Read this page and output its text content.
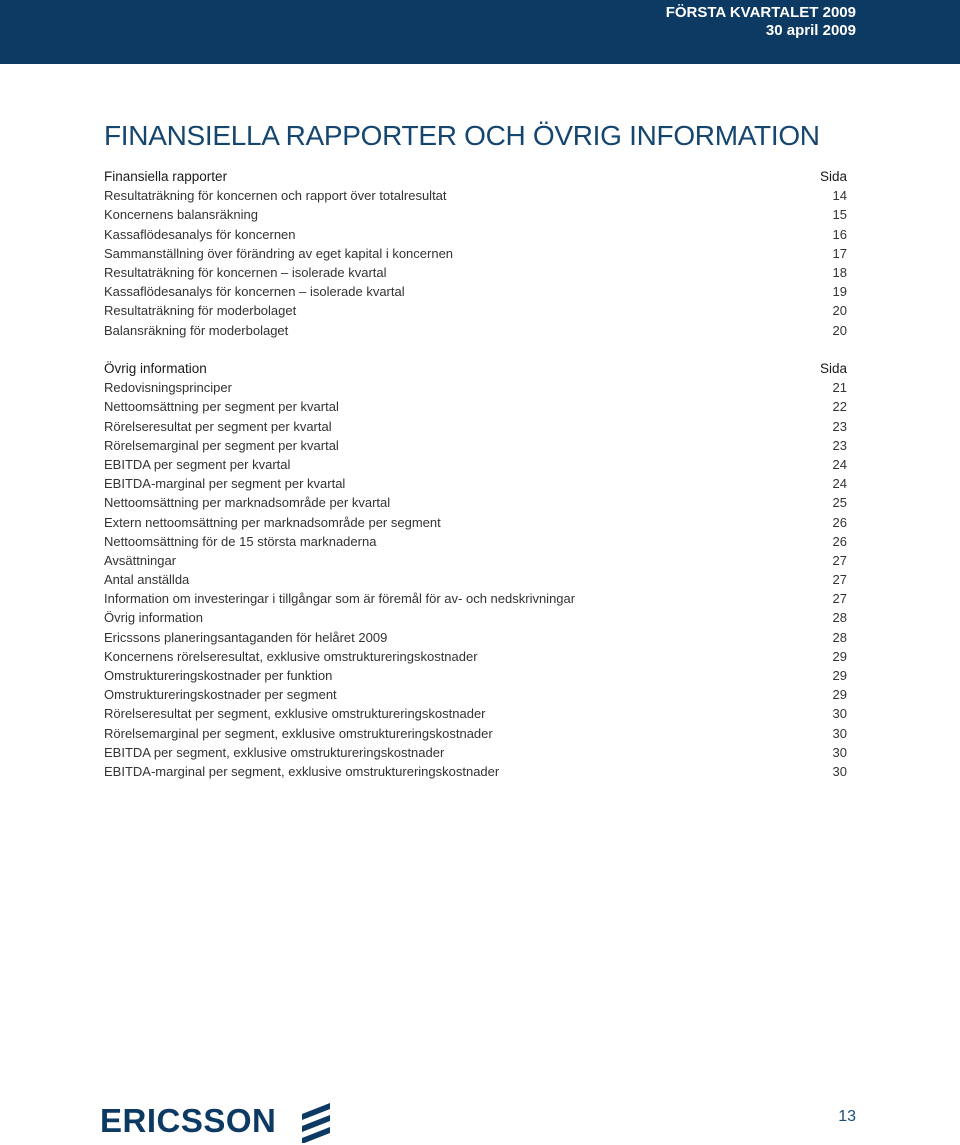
FÖRSTA KVARTALET 2009
30 april 2009
FINANSIELLA RAPPORTER OCH ÖVRIG INFORMATION
Finansiella rapporter	Sida
Resultaträkning för koncernen och rapport över totalresultat	14
Koncernens balansräkning	15
Kassaflödesanalys för koncernen	16
Sammanställning över förändring av eget kapital i koncernen	17
Resultaträkning för koncernen – isolerade kvartal	18
Kassaflödesanalys för koncernen – isolerade kvartal	19
Resultaträkning för moderbolaget	20
Balansräkning för moderbolaget	20
Övrig information	Sida
Redovisningsprinciper	21
Nettoomsättning per segment per kvartal	22
Rörelseresultat per segment per kvartal	23
Rörelsemarginal per segment per kvartal	23
EBITDA per segment per kvartal	24
EBITDA-marginal per segment per kvartal	24
Nettoomsättning per marknadsområde per kvartal	25
Extern nettoomsättning per marknadsområde per segment	26
Nettoomsättning för de 15 största marknaderna	26
Avsättningar	27
Antal anställda	27
Information om investeringar i tillgångar som är föremål för av- och nedskrivningar	27
Övrig information	28
Ericssons planeringsantaganden för helåret 2009	28
Koncernens rörelseresultat, exklusive omstruktureringskostnader	29
Omstruktureringskostnader per funktion	29
Omstruktureringskostnader per segment	29
Rörelseresultat per segment, exklusive omstruktureringskostnader	30
Rörelsemarginal per segment, exklusive omstruktureringskostnader	30
EBITDA per segment, exklusive omstruktureringskostnader	30
EBITDA-marginal per segment, exklusive omstruktureringskostnader	30
ERICSSON	13
